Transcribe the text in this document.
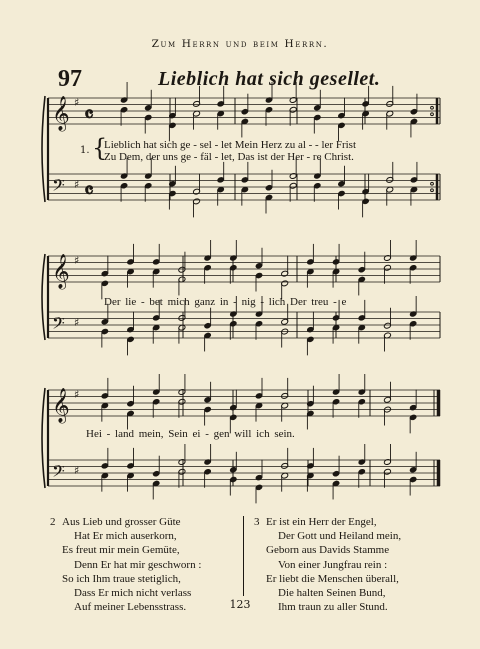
Zum Herrn und beim Herrn.
97	Lieblich hat sich gesellet.
𝄞 ♯ 𝄴
𝄢 ♯ 𝄴
𝄞 ♯
𝄢 ♯
𝄞 ♯
𝄢 ♯
1. {
Lieblich hat sich ge - sel - let Mein Herz zu al - - ler Frist
Zu Dem, der uns ge - fäl - let, Das ist der Her - re Christ.
Der lie - bet mich ganz in - nig - lich Der treu - e
Hei - land mein, Sein ei - gen will ich sein.
2 Aus Lieb und grosser Güte
Hat Er mich auserkorn,
Es freut mir mein Gemüte,
Denn Er hat mir geschworn :
So ich Ihm traue stetiglich,
Dass Er mich nicht verlass
Auf meiner Lebensstrass.
3 Er ist ein Herr der Engel,
Der Gott und Heiland mein,
Geborn aus Davids Stamme
Von einer Jungfrau rein :
Er liebt die Menschen überall,
Die halten Seinen Bund,
Ihm traun zu aller Stund.
123
